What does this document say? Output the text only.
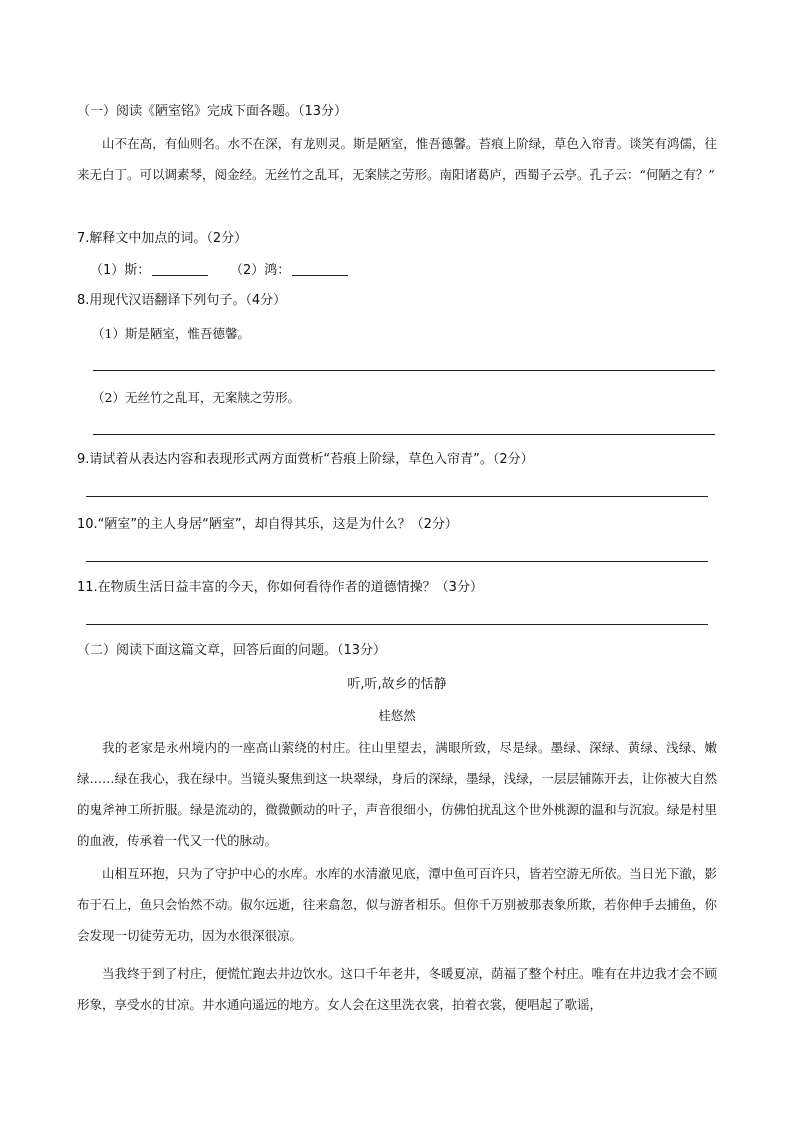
（一）阅读《陋室铭》完成下面各题。（13分）

山不在高，有仙则名。水不在深，有龙则灵。斯是陋室，惟吾德馨。苔痕上阶绿，草色入帘青。谈笑有鸿儒，往来无白丁。可以调素琴，阅金经。无丝竹之乱耳，无案牍之劳形。南阳诸葛庐，西蜀子云亭。孔子云：“何陋之有？”

7.解释文中加点的词。（2分）
（1）斯：	（2）鸿：
8.用现代汉语翻译下列句子。（4分）
（1）斯是陋室，惟吾德馨。
（2）无丝竹之乱耳，无案牍之劳形。
9.请试着从表达内容和表现形式两方面赏析“苔痕上阶绿，草色入帘青”。（2分）
10.“陋室”的主人身居“陋室”，却自得其乐，这是为什么？（2分）
11.在物质生活日益丰富的今天，你如何看待作者的道德情操？（3分）
（二）阅读下面这篇文章，回答后面的问题。（13分）
听,听,故乡的恬静
桂悠然

我的老家是永州境内的一座高山萦绕的村庄。往山里望去，满眼所致，尽是绿。墨绿、深绿、黄绿、浅绿、嫩绿……绿在我心，我在绿中。当镜头聚焦到这一块翠绿，身后的深绿，墨绿，浅绿，一层层铺陈开去，让你被大自然的鬼斧神工所折服。绿是流动的，微微颤动的叶子，声音很细小，仿佛怕扰乱这个世外桃源的温和与沉寂。绿是村里的血液，传承着一代又一代的脉动。

山相互环抱，只为了守护中心的水库。水库的水清澈见底，潭中鱼可百许只，皆若空游无所依。当日光下澈，影布于石上，鱼只会怡然不动。俶尔远逝，往来翕忽，似与游者相乐。但你千万别被那表象所欺，若你伸手去捕鱼，你会发现一切徒劳无功，因为水很深很凉。

当我终于到了村庄，便慌忙跑去井边饮水。这口千年老井，冬暖夏凉，荫福了整个村庄。唯有在井边我才会不顾形象，享受水的甘凉。井水通向遥远的地方。女人会在这里洗衣裳，拍着衣裳，便唱起了歌谣，
